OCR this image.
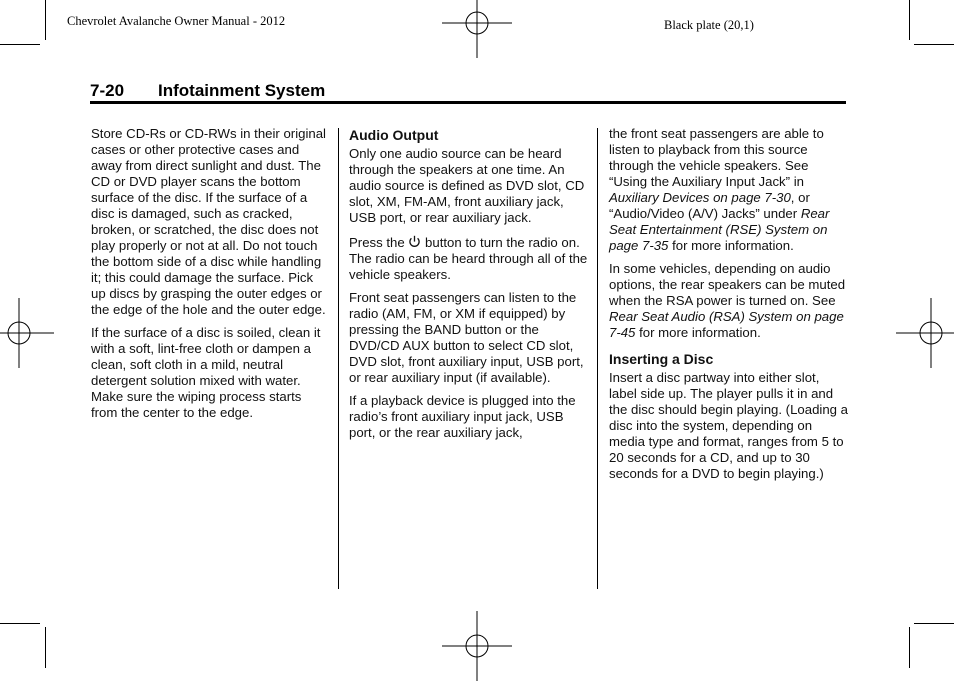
Chevrolet Avalanche Owner Manual - 2012	Black plate (20,1)
7-20 Infotainment System

Store CD-Rs or CD-RWs in their original cases or other protective cases and away from direct sunlight and dust. The CD or DVD player scans the bottom surface of the disc. If the surface of a disc is damaged, such as cracked, broken, or scratched, the disc does not play properly or not at all. Do not touch the bottom side of a disc while handling it; this could damage the surface. Pick up discs by grasping the outer edges or the edge of the hole and the outer edge.

If the surface of a disc is soiled, clean it with a soft, lint-free cloth or dampen a clean, soft cloth in a mild, neutral detergent solution mixed with water. Make sure the wiping process starts from the center to the edge.

Audio Output

Only one audio source can be heard through the speakers at one time. An audio source is defined as DVD slot, CD slot, XM, FM-AM, front auxiliary jack, USB port, or rear auxiliary jack.

Press the  button to turn the radio on. The radio can be heard through all of the vehicle speakers.

Front seat passengers can listen to the radio (AM, FM, or XM if equipped) by pressing the BAND button or the DVD/CD AUX button to select CD slot, DVD slot, front auxiliary input, USB port, or rear auxiliary input (if available).

If a playback device is plugged into the radio’s front auxiliary input jack, USB port, or the rear auxiliary jack,

the front seat passengers are able to listen to playback from this source through the vehicle speakers. See “Using the Auxiliary Input Jack” in Auxiliary Devices on page 7-30, or “Audio/Video (A/V) Jacks” under Rear Seat Entertainment (RSE) System on page 7-35 for more information.

In some vehicles, depending on audio options, the rear speakers can be muted when the RSA power is turned on. See Rear Seat Audio (RSA) System on page 7-45 for more information.

Inserting a Disc

Insert a disc partway into either slot, label side up. The player pulls it in and the disc should begin playing. (Loading a disc into the system, depending on media type and format, ranges from 5 to 20 seconds for a CD, and up to 30 seconds for a DVD to begin playing.)
